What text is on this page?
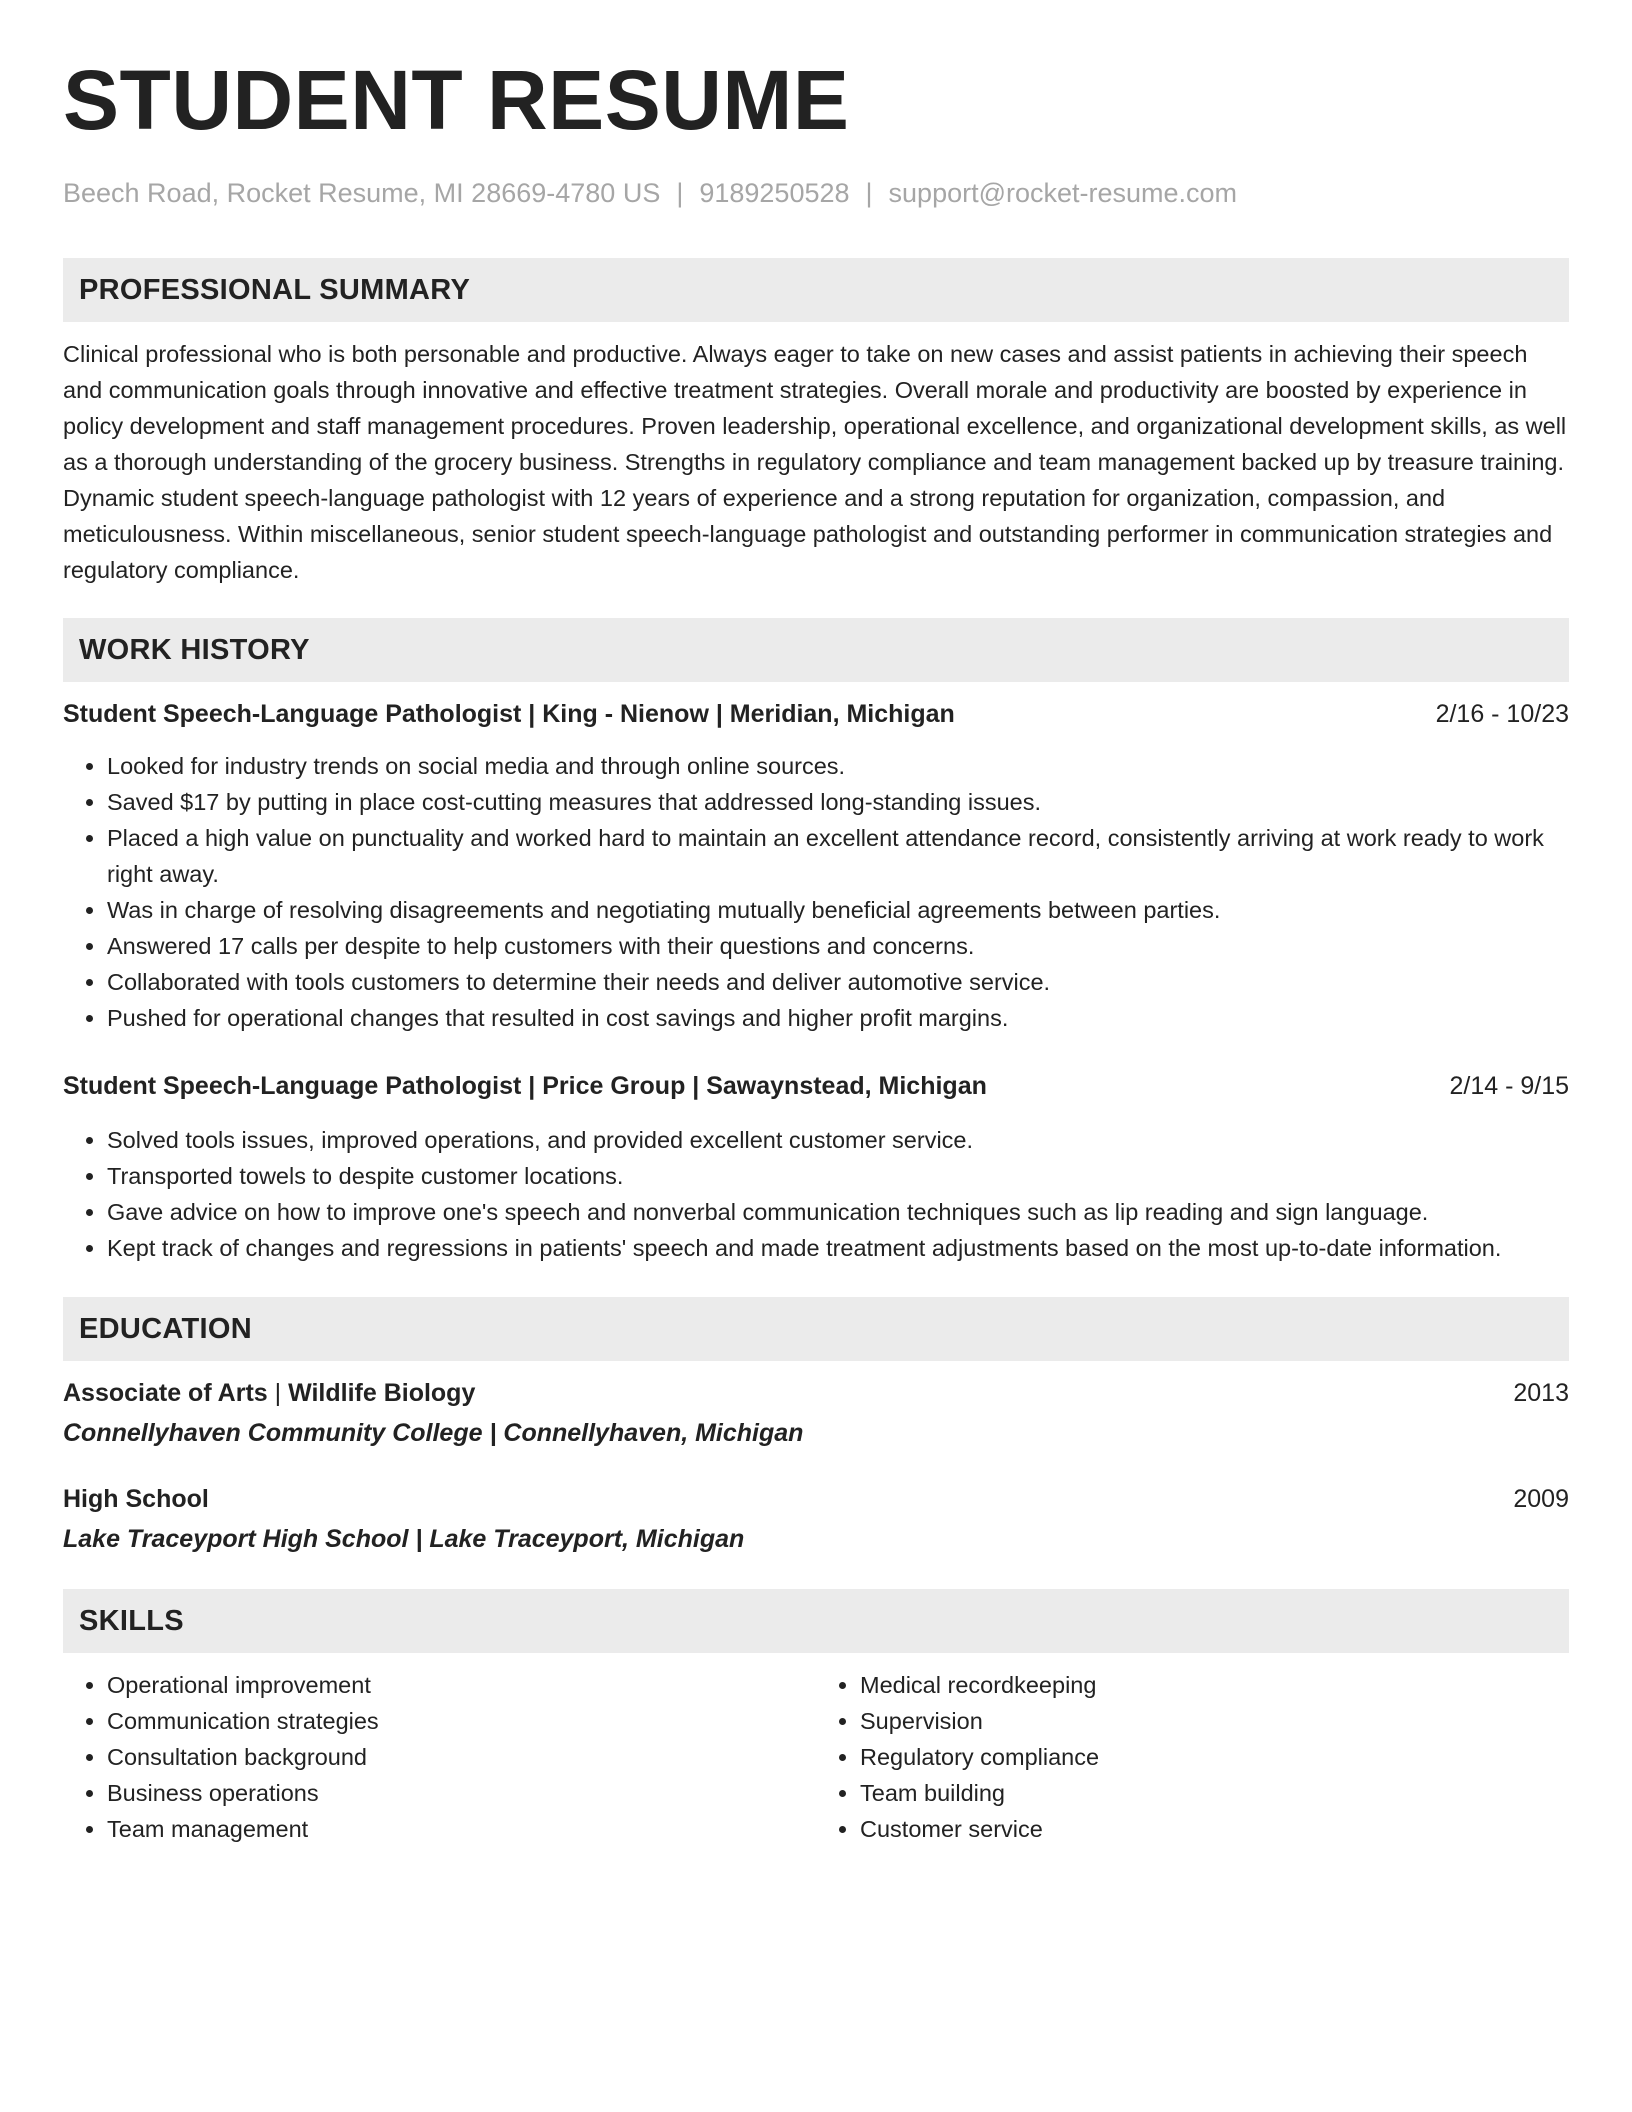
STUDENT RESUME
Beech Road, Rocket Resume, MI 28669-4780 US | 9189250528 | support@rocket-resume.com
PROFESSIONAL SUMMARY

Clinical professional who is both personable and productive. Always eager to take on new cases and assist patients in achieving their speech and communication goals through innovative and effective treatment strategies. Overall morale and productivity are boosted by experience in policy development and staff management procedures. Proven leadership, operational excellence, and organizational development skills, as well as a thorough understanding of the grocery business. Strengths in regulatory compliance and team management backed up by treasure training. Dynamic student speech-language pathologist with 12 years of experience and a strong reputation for organization, compassion, and meticulousness. Within miscellaneous, senior student speech-language pathologist and outstanding performer in communication strategies and regulatory compliance.

WORK HISTORY
Student Speech-Language Pathologist | King - Nienow | Meridian, Michigan	2/16 - 10/23
• Looked for industry trends on social media and through online sources.
• Saved $17 by putting in place cost-cutting measures that addressed long-standing issues.
• Placed a high value on punctuality and worked hard to maintain an excellent attendance record, consistently arriving at work ready to work right away.
• Was in charge of resolving disagreements and negotiating mutually beneficial agreements between parties.
• Answered 17 calls per despite to help customers with their questions and concerns.
• Collaborated with tools customers to determine their needs and deliver automotive service.
• Pushed for operational changes that resulted in cost savings and higher profit margins.
Student Speech-Language Pathologist | Price Group | Sawaynstead, Michigan	2/14 - 9/15
• Solved tools issues, improved operations, and provided excellent customer service.
• Transported towels to despite customer locations.
• Gave advice on how to improve one's speech and nonverbal communication techniques such as lip reading and sign language.
• Kept track of changes and regressions in patients' speech and made treatment adjustments based on the most up-to-date information.
EDUCATION
Associate of Arts | Wildlife Biology	2013
Connellyhaven Community College | Connellyhaven, Michigan
High School	2009
Lake Traceyport High School | Lake Traceyport, Michigan
SKILLS
• Operational improvement
• Communication strategies
• Consultation background
• Business operations
• Team management
• Medical recordkeeping
• Supervision
• Regulatory compliance
• Team building
• Customer service
